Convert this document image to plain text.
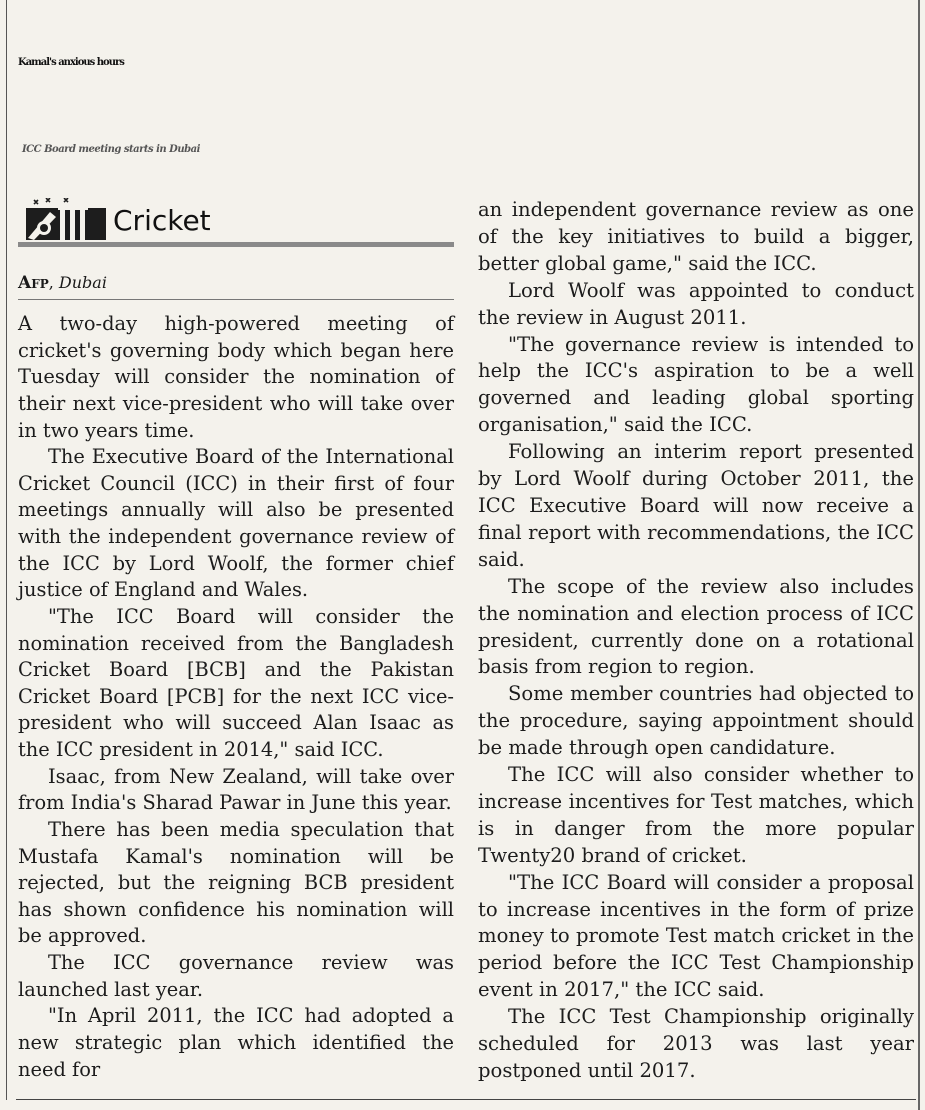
Kamal's anxious hours
ICC Board meeting starts in Dubai
Cricket
Afp, Dubai

A two-day high-powered meeting of cricket's governing body which began here Tuesday will consider the nomination of their next vice-president who will take over in two years time.

The Executive Board of the International Cricket Council (ICC) in their first of four meetings annually will also be presented with the independent governance review of the ICC by Lord Woolf, the former chief justice of England and Wales.

"The ICC Board will consider the nomination received from the Bangladesh Cricket Board [BCB] and the Pakistan Cricket Board [PCB] for the next ICC vice-president who will succeed Alan Isaac as the ICC president in 2014," said ICC.

Isaac, from New Zealand, will take over from India's Sharad Pawar in June this year.

There has been media speculation that Mustafa Kamal's nomination will be rejected, but the reigning BCB president has shown confidence his nomination will be approved.

The ICC governance review was launched last year.

"In April 2011, the ICC had adopted a new strategic plan which identified the need for

an independent governance review as one of the key initiatives to build a bigger, better global game," said the ICC.

Lord Woolf was appointed to conduct the review in August 2011.

"The governance review is intended to help the ICC's aspiration to be a well governed and leading global sporting organisation," said the ICC.

Following an interim report presented by Lord Woolf during October 2011, the ICC Executive Board will now receive a final report with recommendations, the ICC said.

The scope of the review also includes the nomination and election process of ICC president, currently done on a rotational basis from region to region.

Some member countries had objected to the procedure, saying appointment should be made through open candidature.

The ICC will also consider whether to increase incentives for Test matches, which is in danger from the more popular Twenty20 brand of cricket.

"The ICC Board will consider a proposal to increase incentives in the form of prize money to promote Test match cricket in the period before the ICC Test Championship event in 2017," the ICC said.

The ICC Test Championship originally scheduled for 2013 was last year postponed until 2017.
